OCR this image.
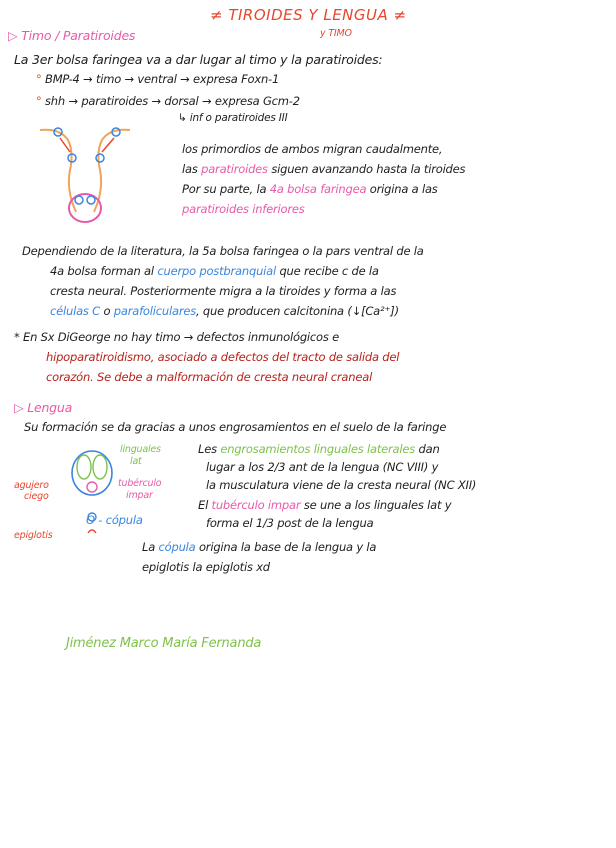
≠ TIROIDES Y LENGUA ≠
y TIMO
▷ Timo / Paratiroides
La 3er bolsa faringea va a dar lugar al timo y la paratiroides:
° BMP-4 → timo → ventral → expresa Foxn-1
° shh → paratiroides → dorsal → expresa Gcm-2
↳ inf o paratiroides III
los primordios de ambos migran caudalmente,
las paratiroides siguen avanzando hasta la tiroides
Por su parte, la 4a bolsa faringea origina a las
paratiroides inferiores
Dependiendo de la literatura, la 5a bolsa faringea o la pars ventral de la
4a bolsa forman al cuerpo postbranquial que recibe c de la
cresta neural. Posteriormente migra a la tiroides y forma a las
células C o parafoliculares, que producen calcitonina (↓[Ca²⁺])
* En Sx DiGeorge no hay timo → defectos inmunológicos e
hipoparatiroidismo, asociado a defectos del tracto de salida del
corazón. Se debe a malformación de cresta neural craneal
▷ Lengua
Su formación se da gracias a unos engrosamientos en el suelo de la faringe
linguales
lat
agujero
ciego
tubérculo
impar
O - cópula
epiglotis
Les engrosamientos linguales laterales dan
lugar a los 2/3 ant de la lengua (NC VIII) y
la musculatura viene de la cresta neural (NC XII)
El tubérculo impar se une a los linguales lat y
forma el 1/3 post de la lengua
La cópula origina la base de la lengua y la
epiglotis la epiglotis xd
Jiménez Marco María Fernanda
